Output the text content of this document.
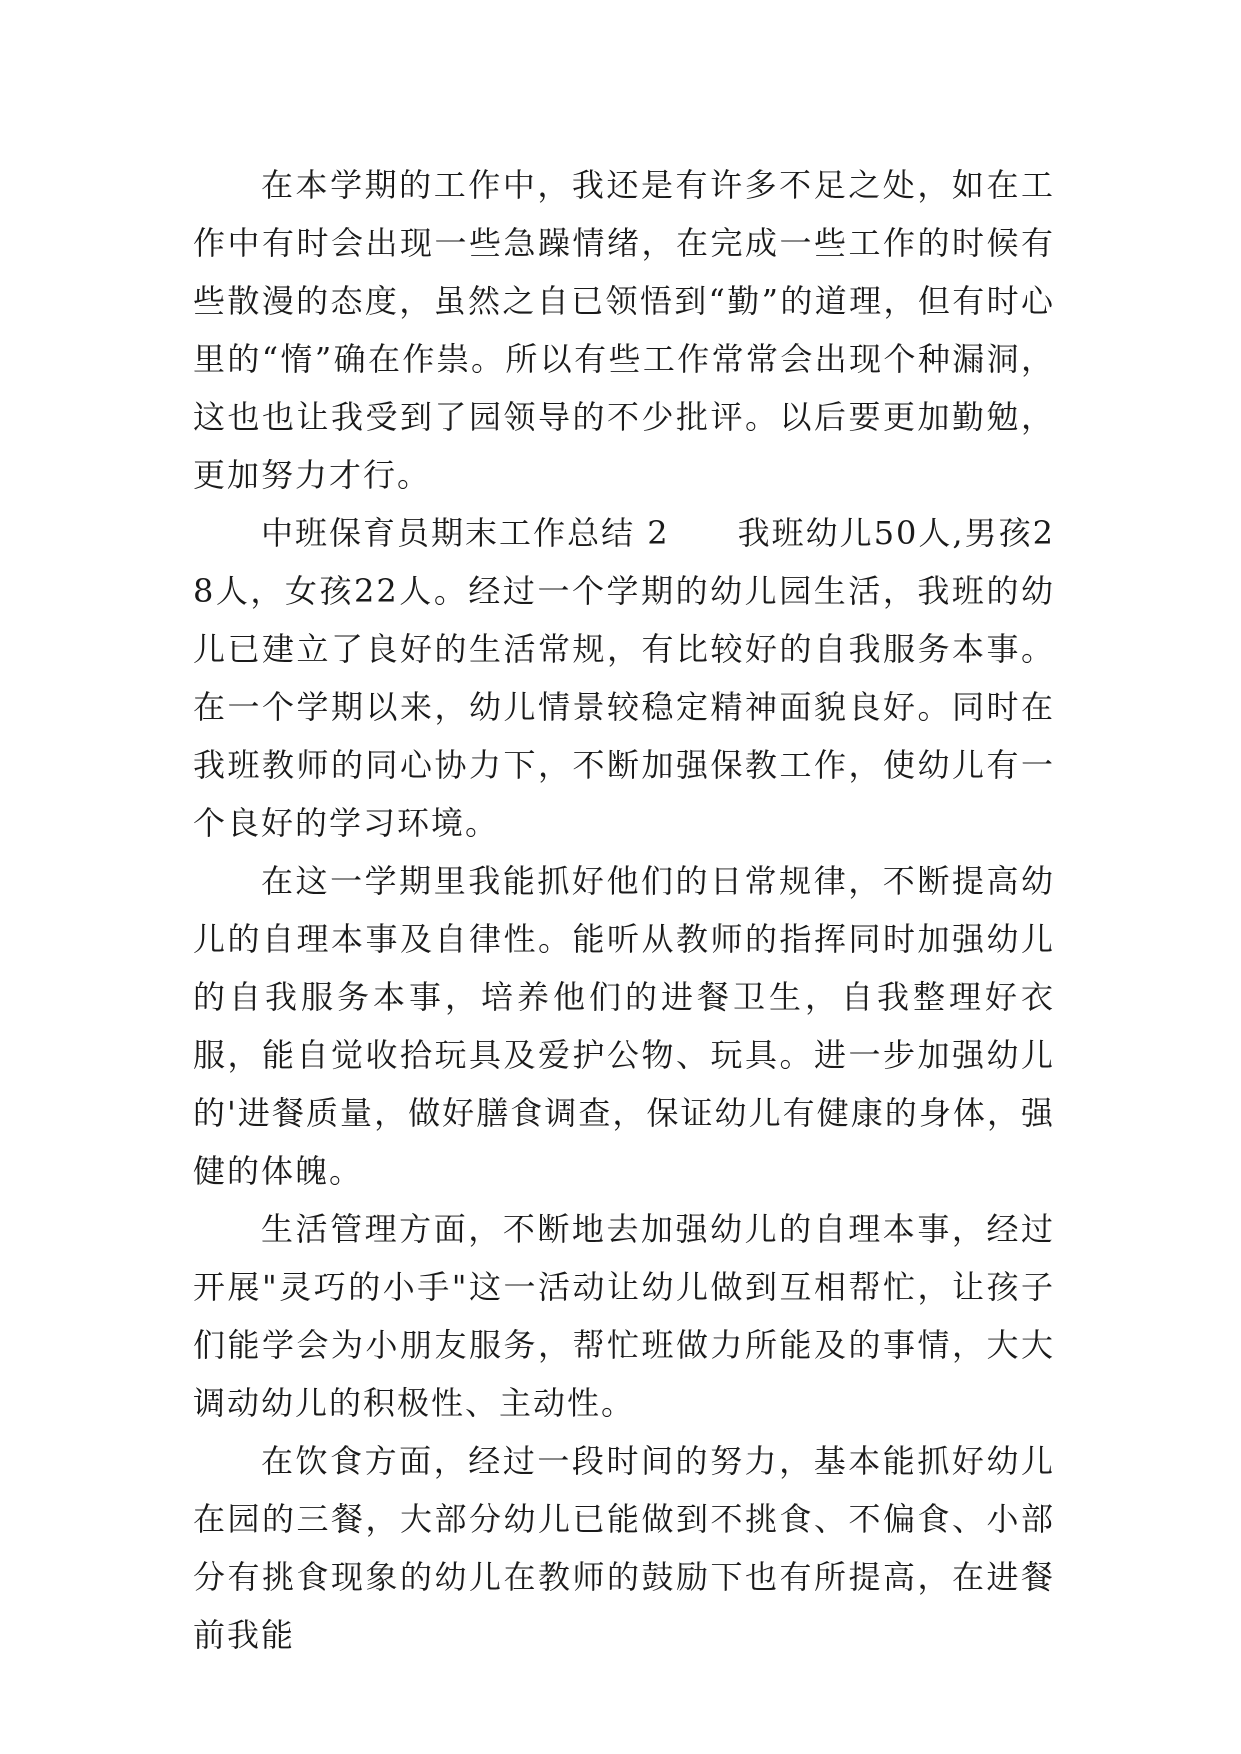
在本学期的工作中，我还是有许多不足之处，如在工作中有时会出现一些急躁情绪，在完成一些工作的时候有些散漫的态度，虽然之自已领悟到“勤”的道理，但有时心里的“惰”确在作祟。所以有些工作常常会出现个种漏洞，这也也让我受到了园领导的不少批评。以后要更加勤勉，更加努力才行。

中班保育员期末工作总结 2　　我班幼儿50人,男孩28人，女孩22人。经过一个学期的幼儿园生活，我班的幼儿已建立了良好的生活常规，有比较好的自我服务本事。在一个学期以来，幼儿情景较稳定精神面貌良好。同时在我班教师的同心协力下，不断加强保教工作，使幼儿有一个良好的学习环境。

在这一学期里我能抓好他们的日常规律，不断提高幼儿的自理本事及自律性。能听从教师的指挥同时加强幼儿的自我服务本事，培养他们的进餐卫生，自我整理好衣服，能自觉收拾玩具及爱护公物、玩具。进一步加强幼儿的'进餐质量，做好膳食调查，保证幼儿有健康的身体，强健的体魄。

生活管理方面，不断地去加强幼儿的自理本事，经过开展"灵巧的小手"这一活动让幼儿做到互相帮忙，让孩子们能学会为小朋友服务，帮忙班做力所能及的事情，大大调动幼儿的积极性、主动性。

在饮食方面，经过一段时间的努力，基本能抓好幼儿在园的三餐，大部分幼儿已能做到不挑食、不偏食、小部分有挑食现象的幼儿在教师的鼓励下也有所提高，在进餐前我能
